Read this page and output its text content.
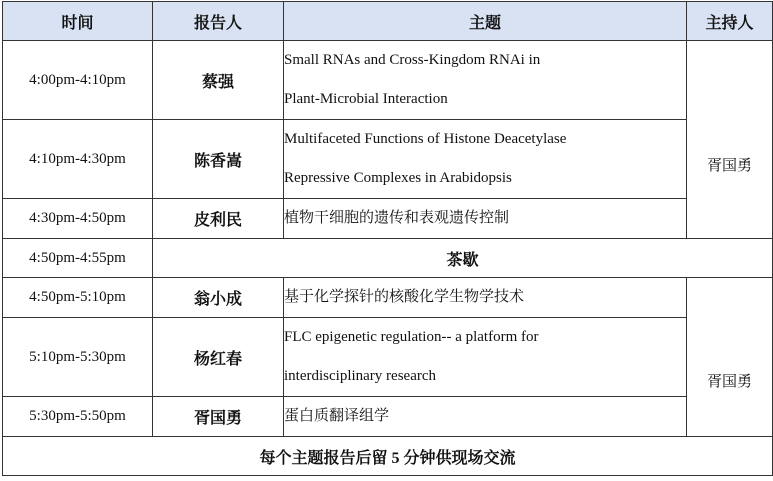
时间	报告人	主题	主持人
4:00pm-4:10pm	蔡强	Small RNAs and Cross-Kingdom RNAi in
Plant-Microbial Interaction	胥国勇

4:10pm-4:30pm	陈香嵩	Multifaceted Functions of Histone Deacetylase
Repressive Complexes in Arabidopsis	

4:30pm-4:50pm	皮利民	植物干细胞的遗传和表观遗传控制	

4:50pm-4:55pm	茶歇		
4:50pm-5:10pm	翁小成	基于化学探针的核酸化学生物学技术	胥国勇

5:10pm-5:30pm	杨红春	FLC epigenetic regulation-- a platform for
interdisciplinary research	

5:30pm-5:50pm	胥国勇	蛋白质翻译组学	

每个主题报告后留 5 分钟供现场交流			
